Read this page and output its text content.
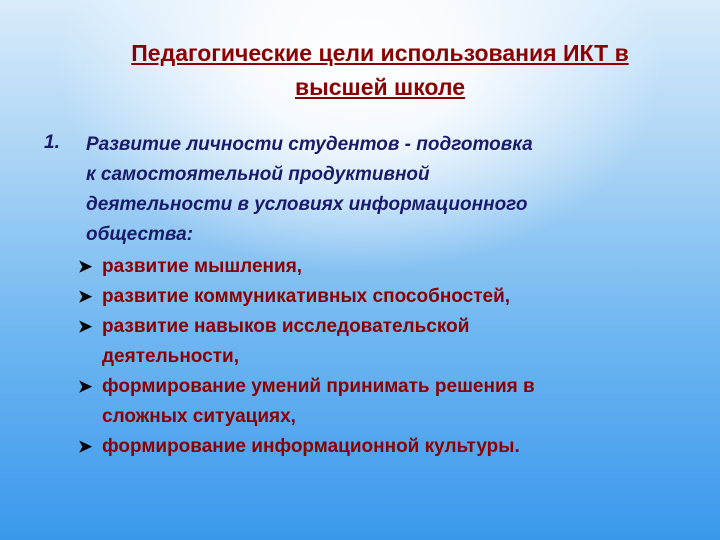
Педагогические цели использования ИКТ в
высшей школе
1. Развитие личности студентов - подготовка
к самостоятельной продуктивной
деятельности в условиях информационного
общества:
➤ развитие мышления,
➤ развитие коммуникативных способностей,
➤ развитие навыков исследовательской
деятельности,
➤ формирование умений принимать решения в
сложных ситуациях,
➤ формирование информационной культуры.
